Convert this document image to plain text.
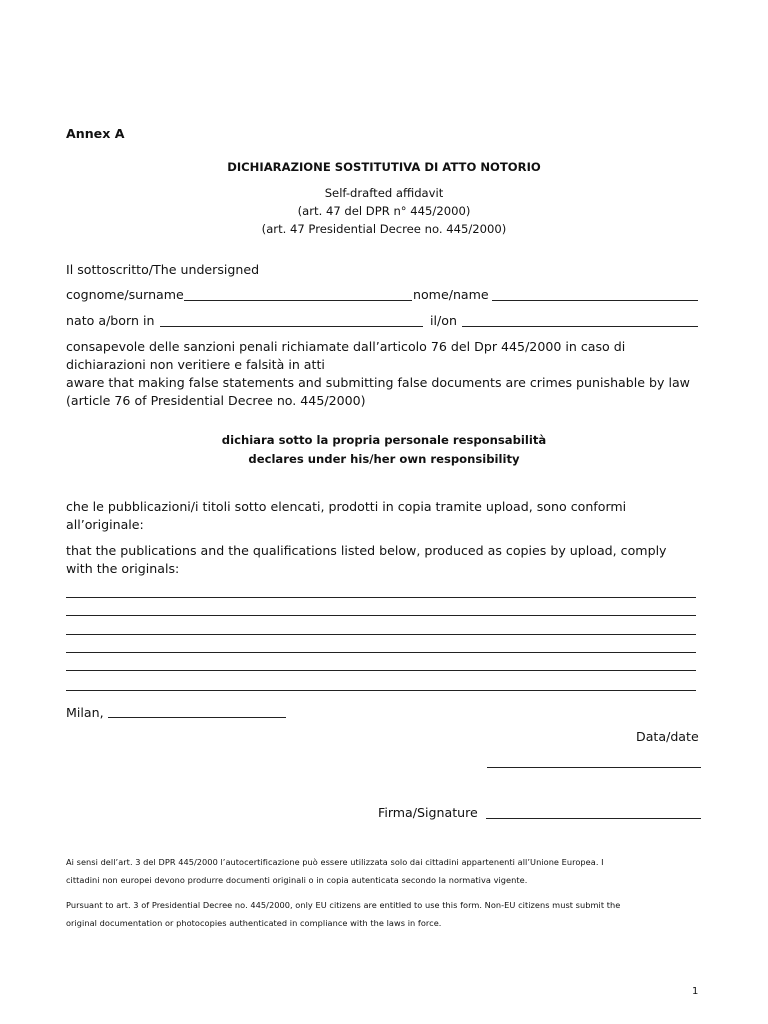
Annex A

DICHIARAZIONE SOSTITUTIVA DI ATTO NOTORIO

Self-drafted affidavit

(art. 47 del DPR n° 445/2000)

(art. 47 Presidential Decree no. 445/2000)

Il sottoscritto/The undersigned

cognome/surname	nome/name

nato a/born in	il/on

consapevole delle sanzioni penali richiamate dall’articolo 76 del Dpr 445/2000 in caso di

dichiarazioni non veritiere e falsità in atti

aware that making false statements and submitting false documents are crimes punishable by law

(article 76 of Presidential Decree no. 445/2000)

dichiara sotto la propria personale responsabilità

declares under his/her own responsibility

che le pubblicazioni/i titoli sotto elencati, prodotti in copia tramite upload, sono conformi

all’originale:

that the publications and the qualifications listed below, produced as copies by upload, comply

with the originals:

Milan,

Data/date

Firma/Signature

Ai sensi dell’art. 3 del DPR 445/2000 l’autocertificazione può essere utilizzata solo dai cittadini appartenenti all’Unione Europea. I

cittadini non europei devono produrre documenti originali o in copia autenticata secondo la normativa vigente.

Pursuant to art. 3 of Presidential Decree no. 445/2000, only EU citizens are entitled to use this form. Non-EU citizens must submit the

original documentation or photocopies authenticated in compliance with the laws in force.

1
